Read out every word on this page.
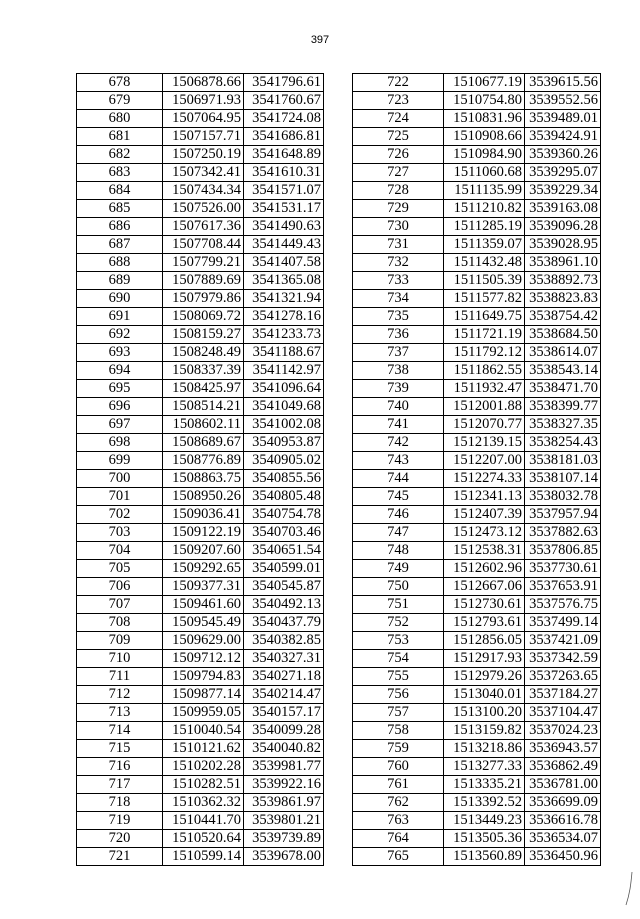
397
678	1506878.66	3541796.61
679	1506971.93	3541760.67
680	1507064.95	3541724.08
681	1507157.71	3541686.81
682	1507250.19	3541648.89
683	1507342.41	3541610.31
684	1507434.34	3541571.07
685	1507526.00	3541531.17
686	1507617.36	3541490.63
687	1507708.44	3541449.43
688	1507799.21	3541407.58
689	1507889.69	3541365.08
690	1507979.86	3541321.94
691	1508069.72	3541278.16
692	1508159.27	3541233.73
693	1508248.49	3541188.67
694	1508337.39	3541142.97
695	1508425.97	3541096.64
696	1508514.21	3541049.68
697	1508602.11	3541002.08
698	1508689.67	3540953.87
699	1508776.89	3540905.02
700	1508863.75	3540855.56
701	1508950.26	3540805.48
702	1509036.41	3540754.78
703	1509122.19	3540703.46
704	1509207.60	3540651.54
705	1509292.65	3540599.01
706	1509377.31	3540545.87
707	1509461.60	3540492.13
708	1509545.49	3540437.79
709	1509629.00	3540382.85
710	1509712.12	3540327.31
711	1509794.83	3540271.18
712	1509877.14	3540214.47
713	1509959.05	3540157.17
714	1510040.54	3540099.28
715	1510121.62	3540040.82
716	1510202.28	3539981.77
717	1510282.51	3539922.16
718	1510362.32	3539861.97
719	1510441.70	3539801.21
720	1510520.64	3539739.89
721	1510599.14	3539678.00
722	1510677.19	3539615.56
723	1510754.80	3539552.56
724	1510831.96	3539489.01
725	1510908.66	3539424.91
726	1510984.90	3539360.26
727	1511060.68	3539295.07
728	1511135.99	3539229.34
729	1511210.82	3539163.08
730	1511285.19	3539096.28
731	1511359.07	3539028.95
732	1511432.48	3538961.10
733	1511505.39	3538892.73
734	1511577.82	3538823.83
735	1511649.75	3538754.42
736	1511721.19	3538684.50
737	1511792.12	3538614.07
738	1511862.55	3538543.14
739	1511932.47	3538471.70
740	1512001.88	3538399.77
741	1512070.77	3538327.35
742	1512139.15	3538254.43
743	1512207.00	3538181.03
744	1512274.33	3538107.14
745	1512341.13	3538032.78
746	1512407.39	3537957.94
747	1512473.12	3537882.63
748	1512538.31	3537806.85
749	1512602.96	3537730.61
750	1512667.06	3537653.91
751	1512730.61	3537576.75
752	1512793.61	3537499.14
753	1512856.05	3537421.09
754	1512917.93	3537342.59
755	1512979.26	3537263.65
756	1513040.01	3537184.27
757	1513100.20	3537104.47
758	1513159.82	3537024.23
759	1513218.86	3536943.57
760	1513277.33	3536862.49
761	1513335.21	3536781.00
762	1513392.52	3536699.09
763	1513449.23	3536616.78
764	1513505.36	3536534.07
765	1513560.89	3536450.96
